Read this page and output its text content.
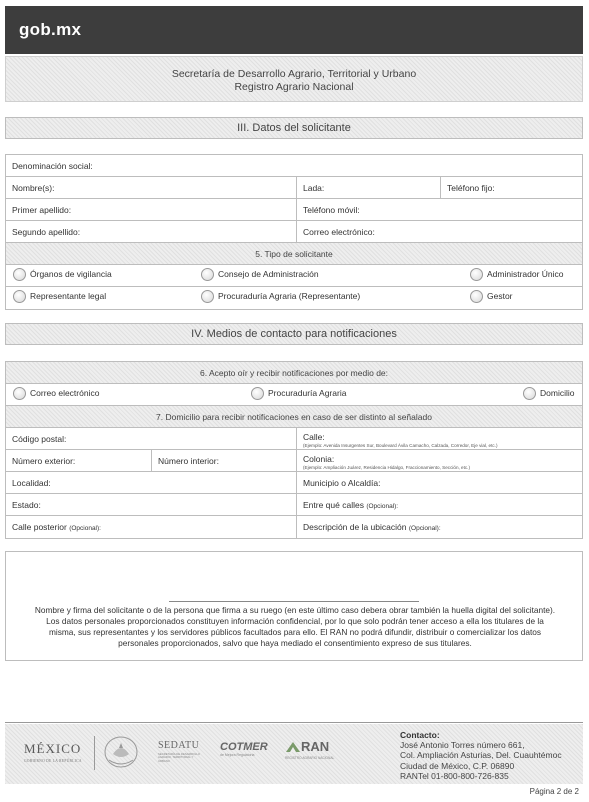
gob.mx
Secretaría de Desarrollo Agrario, Territorial y Urbano
Registro Agrario Nacional
III. Datos del solicitante
Denominación social:
Nombre(s):	Lada:	Teléfono fijo:
Primer apellido:	Teléfono móvil:
Segundo apellido:	Correo electrónico:
5. Tipo de solicitante
Órganos de vigilancia	Consejo de Administración	Administrador Único
Representante legal	Procuraduría Agraria (Representante)	Gestor
IV. Medios de contacto para notificaciones
6. Acepto oír y recibir notificaciones por medio de:
Correo electrónico	Procuraduría Agraria	Domicilio
7. Domicilio para recibir notificaciones en caso de ser distinto al señalado
Código postal:	Calle:
(Ejemplo: Avenida Insurgentes Sur, Boulevard Ávila Camacho, Calzada, Corredor, Eje vial, etc.)
Número exterior:	Número interior:	Colonia:
(Ejemplo: Ampliación Juárez, Residencia Hidalgo, Fraccionamiento, Sección, etc.)
Localidad:	Municipio o Alcaldía:
Estado:	Entre qué calles (Opcional):
Calle posterior (Opcional):	Descripción de la ubicación (Opcional):
Nombre y firma del solicitante o de la persona que firma a su ruego (en este último caso debera obrar también la huella digital del solicitante).
Los datos personales proporcionados constituyen información confidencial, por lo que solo podrán tener acceso a ella los titulares de la
misma, sus representantes y los servidores públicos facultados para ello. El RAN no podrá difundir, distribuir o comercializar los datos
personales proporcionados, salvo que haya mediado el consentimiento expreso de sus titulares.
MÉXICO
GOBIERNO DE LA REPÚBLICA
SEDATU
SECRETARÍA DE DESARROLLO AGRARIO, TERRITORIAL Y URBANO
COTMER
de Mejora Regulatoria
RAN
REGISTRO AGRARIO NACIONAL
Contacto:
José Antonio Torres número 661,
Col. Ampliación Asturias, Del. Cuauhtémoc
Ciudad de México, C.P. 06890
RANTel 01-800-800-726-835
Página 2 de 2
